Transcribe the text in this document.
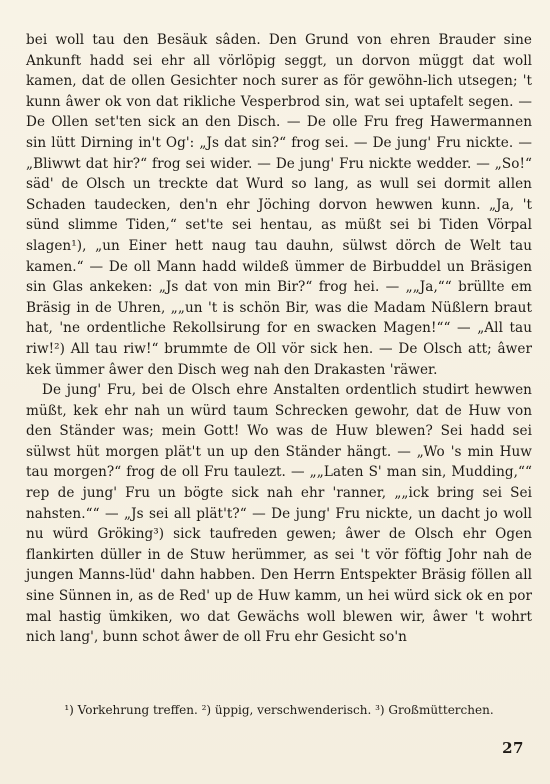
bei woll tau den Besäuk sâden. Den Grund von ehren Brauder sine Ankunft hadd sei ehr all vörlöpig seggt, un dorvon müggt dat woll kamen, dat de ollen Gesichter noch surer as för gewöhn-lich utsegen; 't kunn âwer ok von dat rikliche Vesperbrod sin, wat sei uptafelt segen. — De Ollen set'ten sick an den Disch. — De olle Fru freg Hawermannen sin lütt Dirning in't Og': „Js dat sin?“ frog sei. — De jung' Fru nickte. — „Bliwwt dat hir?“ frog sei wider. — De jung' Fru nickte wedder. — „So!“ säd' de Olsch un treckte dat Wurd so lang, as wull sei dormit allen Schaden taudecken, den'n ehr Jöching dorvon hewwen kunn. „Ja, 't sünd slimme Tiden,“ set'te sei hentau, as müßt sei bi Tiden Vörpal slagen¹), „un Einer hett naug tau dauhn, sülwst dörch de Welt tau kamen.“ — De oll Mann hadd wildeß ümmer de Birbuddel un Bräsigen sin Glas ankeken: „Js dat von min Bir?“ frog hei. — „„Ja,““ brüllte em Bräsig in de Uhren, „„un 't is schön Bir, was die Madam Nüßlern braut hat, 'ne ordentliche Rekollsirung for en swacken Magen!““ — „All tau riw!²) All tau riw!“ brummte de Oll vör sick hen. — De Olsch att; âwer kek ümmer âwer den Disch weg nah den Drakasten 'räwer.

De jung' Fru, bei de Olsch ehre Anstalten ordentlich studirt hewwen müßt, kek ehr nah un würd taum Schrecken gewohr, dat de Huw von den Ständer was; mein Gott! Wo was de Huw blewen? Sei hadd sei sülwst hüt morgen plät't un up den Ständer hängt. — „Wo 's min Huw tau morgen?“ frog de oll Fru taulezt. — „„Laten S' man sin, Mudding,““ rep de jung' Fru un bögte sick nah ehr 'ranner, „„ick bring sei Sei nahsten.““ — „Js sei all plät't?“ — De jung' Fru nickte, un dacht jo woll nu würd Gröking³) sick taufreden gewen; âwer de Olsch ehr Ogen flankirten düller in de Stuw herümmer, as sei 't vör föftig Johr nah de jungen Manns-lüd' dahn habben. Den Herrn Entspekter Bräsig föllen all sine Sünnen in, as de Red' up de Huw kamm, un hei würd sick ok en por mal hastig ümkiken, wo dat Gewächs woll blewen wir, âwer 't wohrt nich lang', bunn schot âwer de oll Fru ehr Gesicht so'n

¹) Vorkehrung treffen. ²) üppig, verschwenderisch. ³) Großmütterchen.
27
